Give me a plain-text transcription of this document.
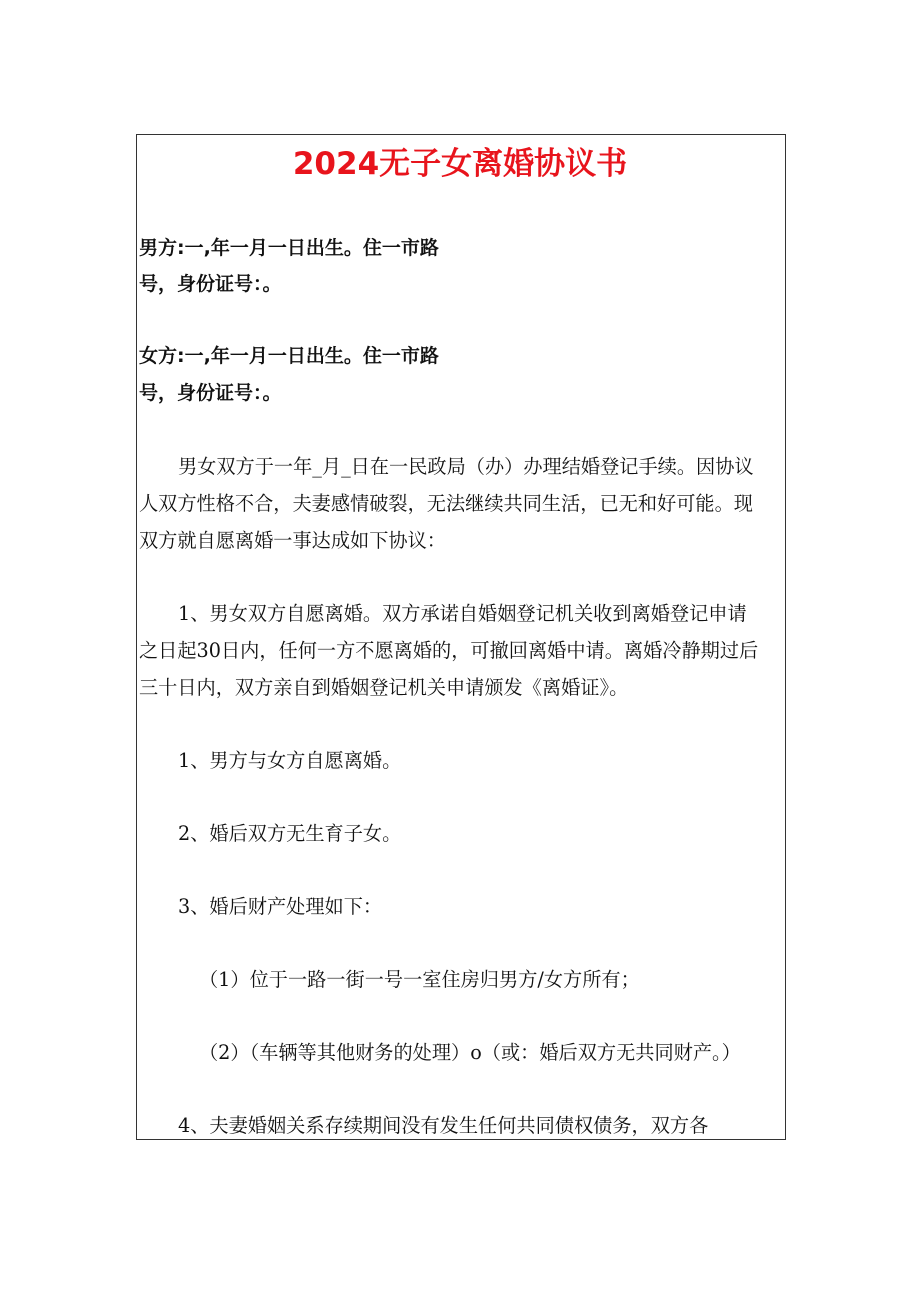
2024无子女离婚协议书
男方:一,年一月一日出生。住一市路
号，身份证号：。
女方:一,年一月一日出生。住一市路
号，身份证号：。
男女双方于一年_月_日在一民政局（办）办理结婚登记手续。因协议
人双方性格不合，夫妻感情破裂，无法继续共同生活，已无和好可能。现
双方就自愿离婚一事达成如下协议：
1、男女双方自愿离婚。双方承诺自婚姻登记机关收到离婚登记申请
之日起30日内，任何一方不愿离婚的，可撤回离婚中请。离婚冷静期过后
三十日内，双方亲自到婚姻登记机关申请颁发《离婚证》。
1、男方与女方自愿离婚。
2、婚后双方无生育子女。
3、婚后财产处理如下：
（1）位于一路一街一号一室住房归男方/女方所有；
（2）（车辆等其他财务的处理）o（或：婚后双方无共同财产。）
4、夫妻婚姻关系存续期间没有发生任何共同债权债务，双方各
